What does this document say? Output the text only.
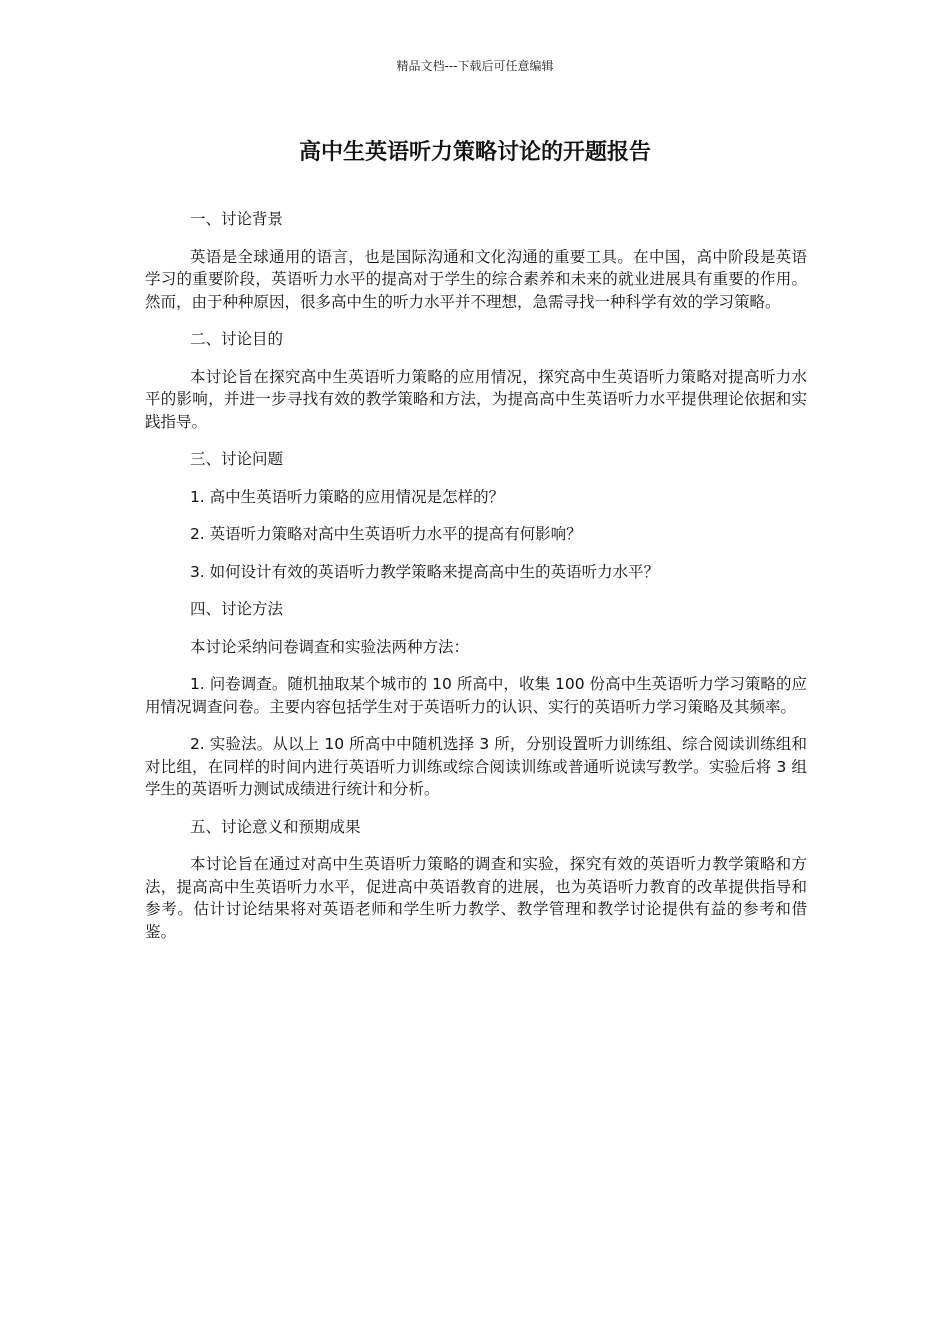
精品文档---下载后可任意编辑
高中生英语听力策略讨论的开题报告

一、讨论背景

英语是全球通用的语言，也是国际沟通和文化沟通的重要工具。在中国，高中阶段是英语学习的重要阶段，英语听力水平的提高对于学生的综合素养和未来的就业进展具有重要的作用。然而，由于种种原因，很多高中生的听力水平并不理想，急需寻找一种科学有效的学习策略。

二、讨论目的

本讨论旨在探究高中生英语听力策略的应用情况，探究高中生英语听力策略对提高听力水平的影响，并进一步寻找有效的教学策略和方法，为提高高中生英语听力水平提供理论依据和实践指导。

三、讨论问题

1. 高中生英语听力策略的应用情况是怎样的？

2. 英语听力策略对高中生英语听力水平的提高有何影响？

3. 如何设计有效的英语听力教学策略来提高高中生的英语听力水平？

四、讨论方法

本讨论采纳问卷调查和实验法两种方法：

1. 问卷调查。随机抽取某个城市的 10 所高中，收集 100 份高中生英语听力学习策略的应用情况调查问卷。主要内容包括学生对于英语听力的认识、实行的英语听力学习策略及其频率。

2. 实验法。从以上 10 所高中中随机选择 3 所，分别设置听力训练组、综合阅读训练组和对比组，在同样的时间内进行英语听力训练或综合阅读训练或普通听说读写教学。实验后将 3 组学生的英语听力测试成绩进行统计和分析。

五、讨论意义和预期成果

本讨论旨在通过对高中生英语听力策略的调查和实验，探究有效的英语听力教学策略和方法，提高高中生英语听力水平，促进高中英语教育的进展，也为英语听力教育的改革提供指导和参考。估计讨论结果将对英语老师和学生听力教学、教学管理和教学讨论提供有益的参考和借鉴。
